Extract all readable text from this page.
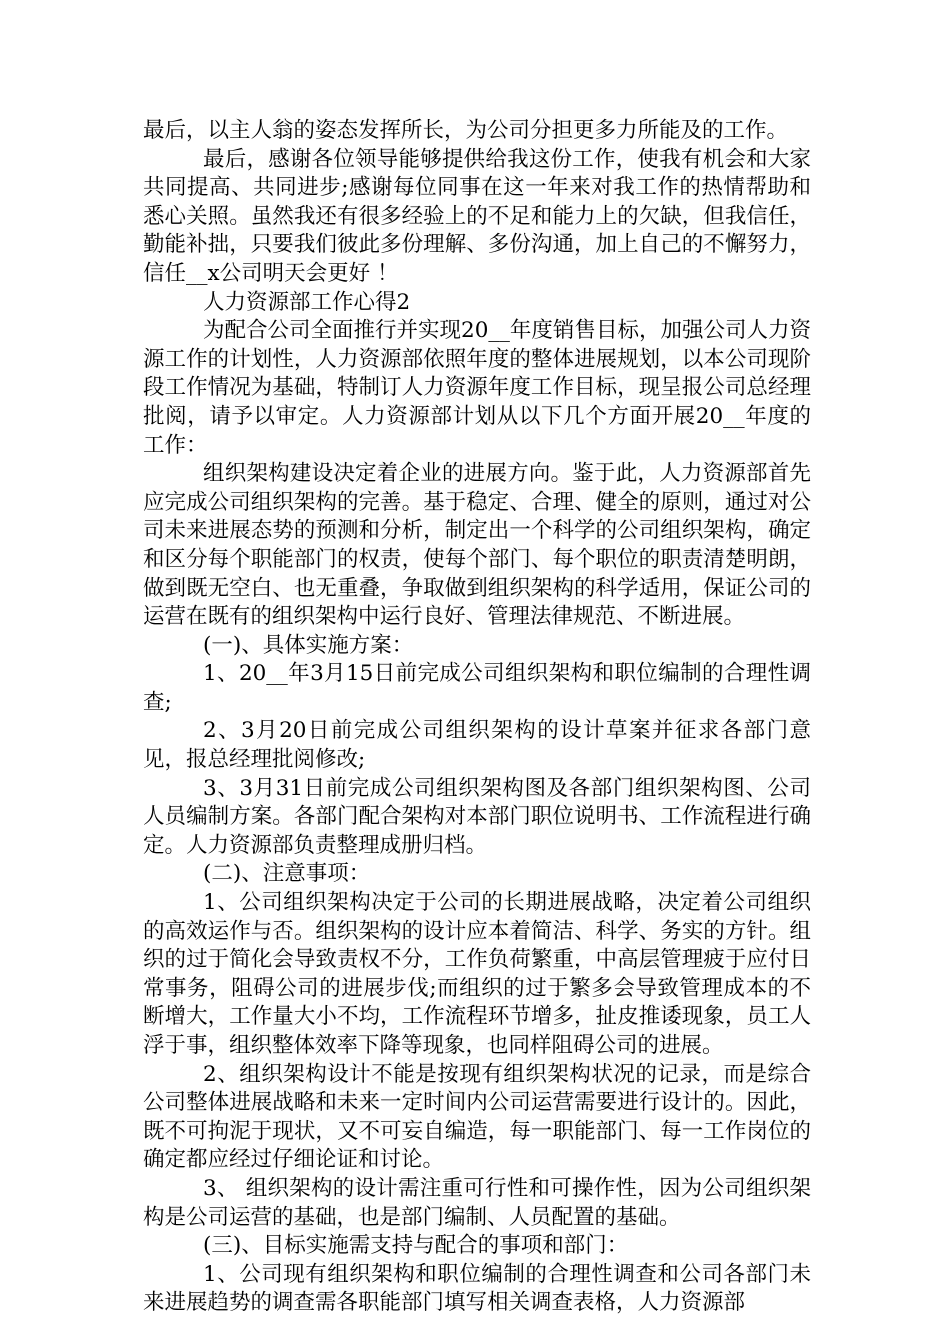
最后，以主人翁的姿态发挥所长，为公司分担更多力所能及的工作。

最后，感谢各位领导能够提供给我这份工作，使我有机会和大家共同提高、共同进步;感谢每位同事在这一年来对我工作的热情帮助和悉心关照。虽然我还有很多经验上的不足和能力上的欠缺，但我信任，勤能补拙，只要我们彼此多份理解、多份沟通，加上自己的不懈努力，信任__x公司明天会更好 ！

人力资源部工作心得2

为配合公司全面推行并实现20__年度销售目标，加强公司人力资源工作的计划性，人力资源部依照年度的整体进展规划，以本公司现阶段工作情况为基础，特制订人力资源年度工作目标，现呈报公司总经理批阅，请予以审定。人力资源部计划从以下几个方面开展20__年度的工作：

组织架构建设决定着企业的进展方向。鉴于此，人力资源部首先应完成公司组织架构的完善。基于稳定、合理、健全的原则，通过对公司未来进展态势的预测和分析，制定出一个科学的公司组织架构，确定和区分每个职能部门的权责，使每个部门、每个职位的职责清楚明朗，做到既无空白、也无重叠，争取做到组织架构的科学适用，保证公司的运营在既有的组织架构中运行良好、管理法律规范、不断进展。

(一)、具体实施方案：

1、20__年3月15日前完成公司组织架构和职位编制的合理性调查;

2、3月20日前完成公司组织架构的设计草案并征求各部门意见，报总经理批阅修改;

3、3月31日前完成公司组织架构图及各部门组织架构图、公司人员编制方案。各部门配合架构对本部门职位说明书、工作流程进行确定。人力资源部负责整理成册归档。

(二)、注意事项：

1、公司组织架构决定于公司的长期进展战略，决定着公司组织的高效运作与否。组织架构的设计应本着简洁、科学、务实的方针。组织的过于简化会导致责权不分，工作负荷繁重，中高层管理疲于应付日常事务，阻碍公司的进展步伐;而组织的过于繁多会导致管理成本的不断增大，工作量大小不均，工作流程环节增多，扯皮推诿现象，员工人浮于事，组织整体效率下降等现象，也同样阻碍公司的进展。

2、组织架构设计不能是按现有组织架构状况的记录，而是综合公司整体进展战略和未来一定时间内公司运营需要进行设计的。因此，既不可拘泥于现状，又不可妄自编造，每一职能部门、每一工作岗位的确定都应经过仔细论证和讨论。

3、 组织架构的设计需注重可行性和可操作性，因为公司组织架构是公司运营的基础，也是部门编制、人员配置的基础。

(三)、目标实施需支持与配合的事项和部门：

1、公司现有组织架构和职位编制的合理性调查和公司各部门未来进展趋势的调查需各职能部门填写相关调查表格，人力资源部
